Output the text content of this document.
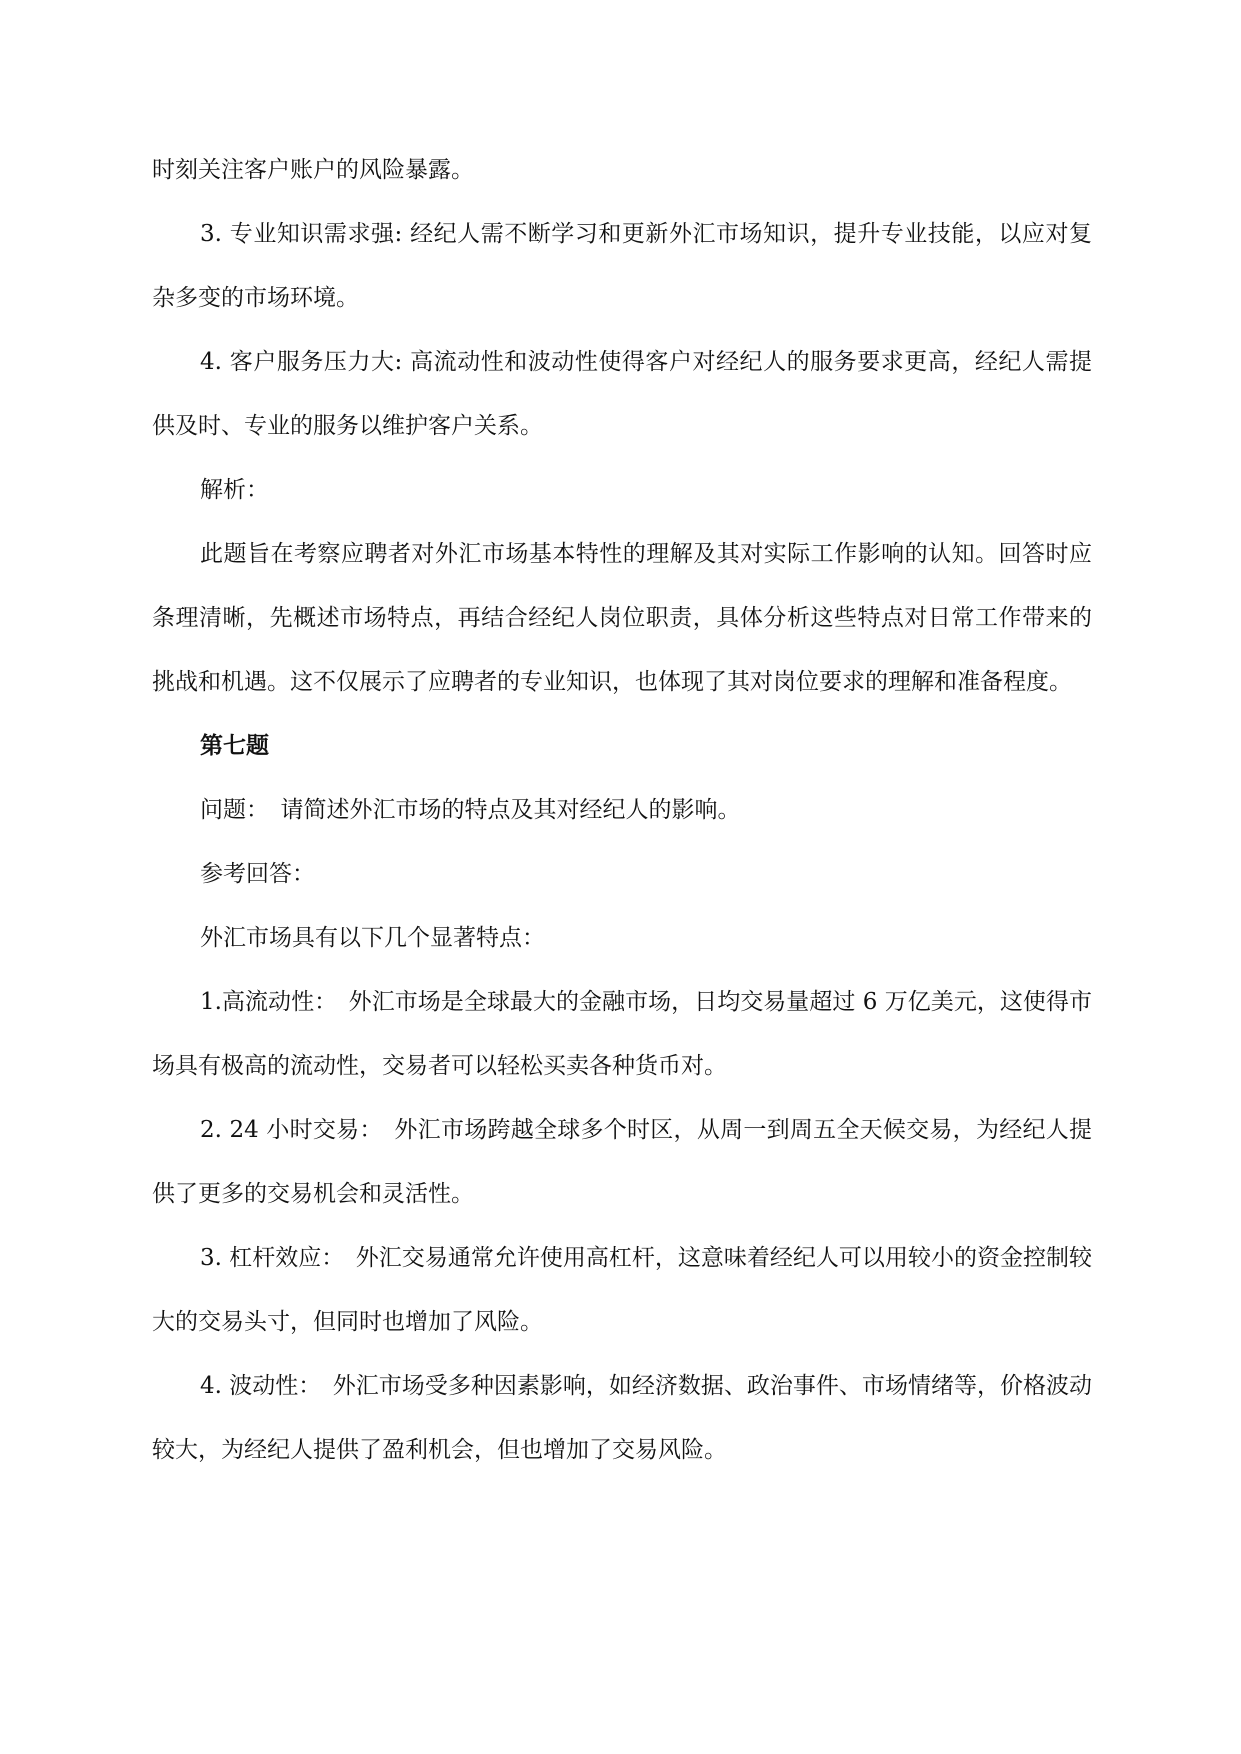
时刻关注客户账户的风险暴露。

3. 专业知识需求强: 经纪人需不断学习和更新外汇市场知识，提升专业技能，以应对复杂多变的市场环境。

4. 客户服务压力大: 高流动性和波动性使得客户对经纪人的服务要求更高，经纪人需提供及时、专业的服务以维护客户关系。

解析：

此题旨在考察应聘者对外汇市场基本特性的理解及其对实际工作影响的认知。回答时应条理清晰，先概述市场特点，再结合经纪人岗位职责，具体分析这些特点对日常工作带来的挑战和机遇。这不仅展示了应聘者的专业知识，也体现了其对岗位要求的理解和准备程度。

第七题

问题：　请简述外汇市场的特点及其对经纪人的影响。

参考回答：

外汇市场具有以下几个显著特点：

1.高流动性：　外汇市场是全球最大的金融市场，日均交易量超过 6 万亿美元，这使得市场具有极高的流动性，交易者可以轻松买卖各种货币对。

2. 24 小时交易：　外汇市场跨越全球多个时区，从周一到周五全天候交易，为经纪人提供了更多的交易机会和灵活性。

3. 杠杆效应：　外汇交易通常允许使用高杠杆，这意味着经纪人可以用较小的资金控制较大的交易头寸，但同时也增加了风险。

4. 波动性：　外汇市场受多种因素影响，如经济数据、政治事件、市场情绪等，价格波动较大，为经纪人提供了盈利机会，但也增加了交易风险。
